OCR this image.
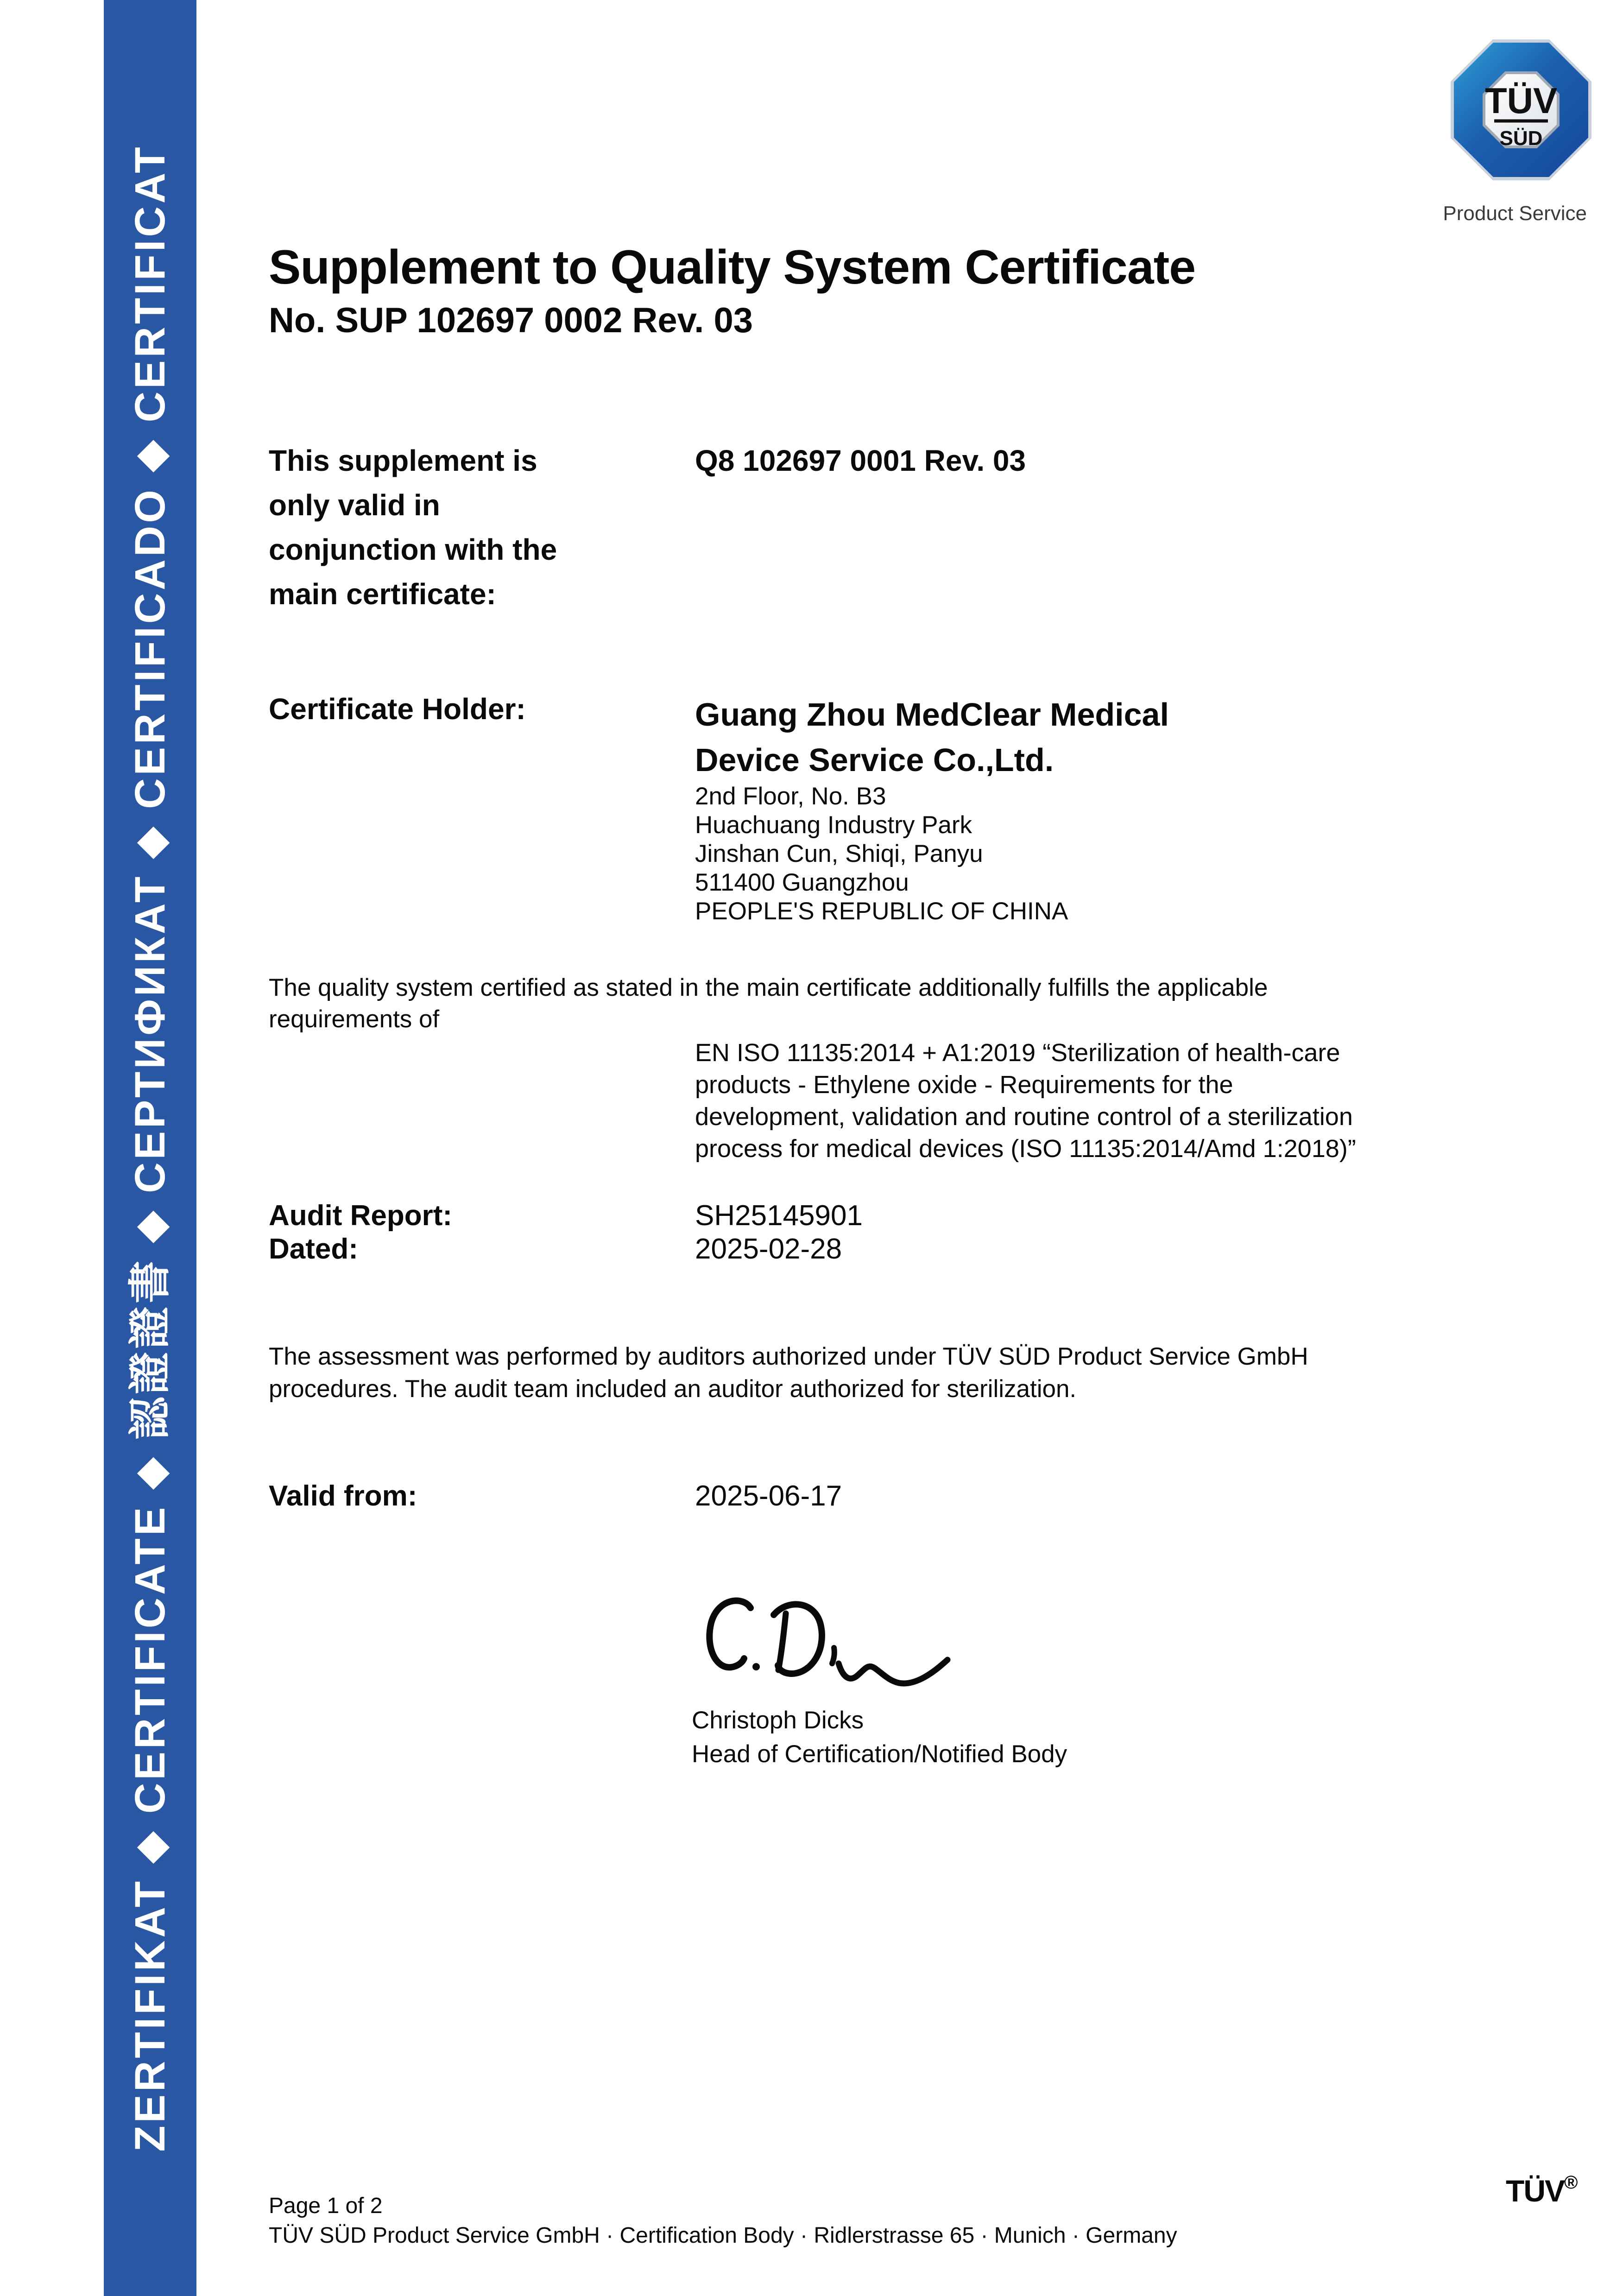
ZERTIFIKAT ◆ CERTIFICATE ◆ 認證證書 ◆ СЕРТИФИКАТ ◆ CERTIFICADO ◆ CERTIFICAT
TÜV
SÜD
Product Service
Supplement to Quality System Certificate
No. SUP 102697 0002 Rev. 03
This supplement is
only valid in
conjunction with the
main certificate:
Q8 102697 0001 Rev. 03
Certificate Holder:	Guang Zhou MedClear Medical
Device Service Co.,Ltd.
2nd Floor, No. B3
Huachuang Industry Park
Jinshan Cun, Shiqi, Panyu
511400 Guangzhou
PEOPLE'S REPUBLIC OF CHINA
The quality system certified as stated in the main certificate additionally fulfills the applicable
requirements of
EN ISO 11135:2014 + A1:2019 “Sterilization of health-care
products - Ethylene oxide - Requirements for the
development, validation and routine control of a sterilization
process for medical devices (ISO 11135:2014/Amd 1:2018)”
Audit Report:
Dated:
SH25145901
2025-02-28
The assessment was performed by auditors authorized under TÜV SÜD Product Service GmbH
procedures. The audit team included an auditor authorized for sterilization.
Valid from:	2025-06-17
Christoph Dicks
Head of Certification/Notified Body
Page 1 of 2
TÜV SÜD Product Service GmbH · Certification Body · Ridlerstrasse 65 · Munich · Germany
TÜV®
